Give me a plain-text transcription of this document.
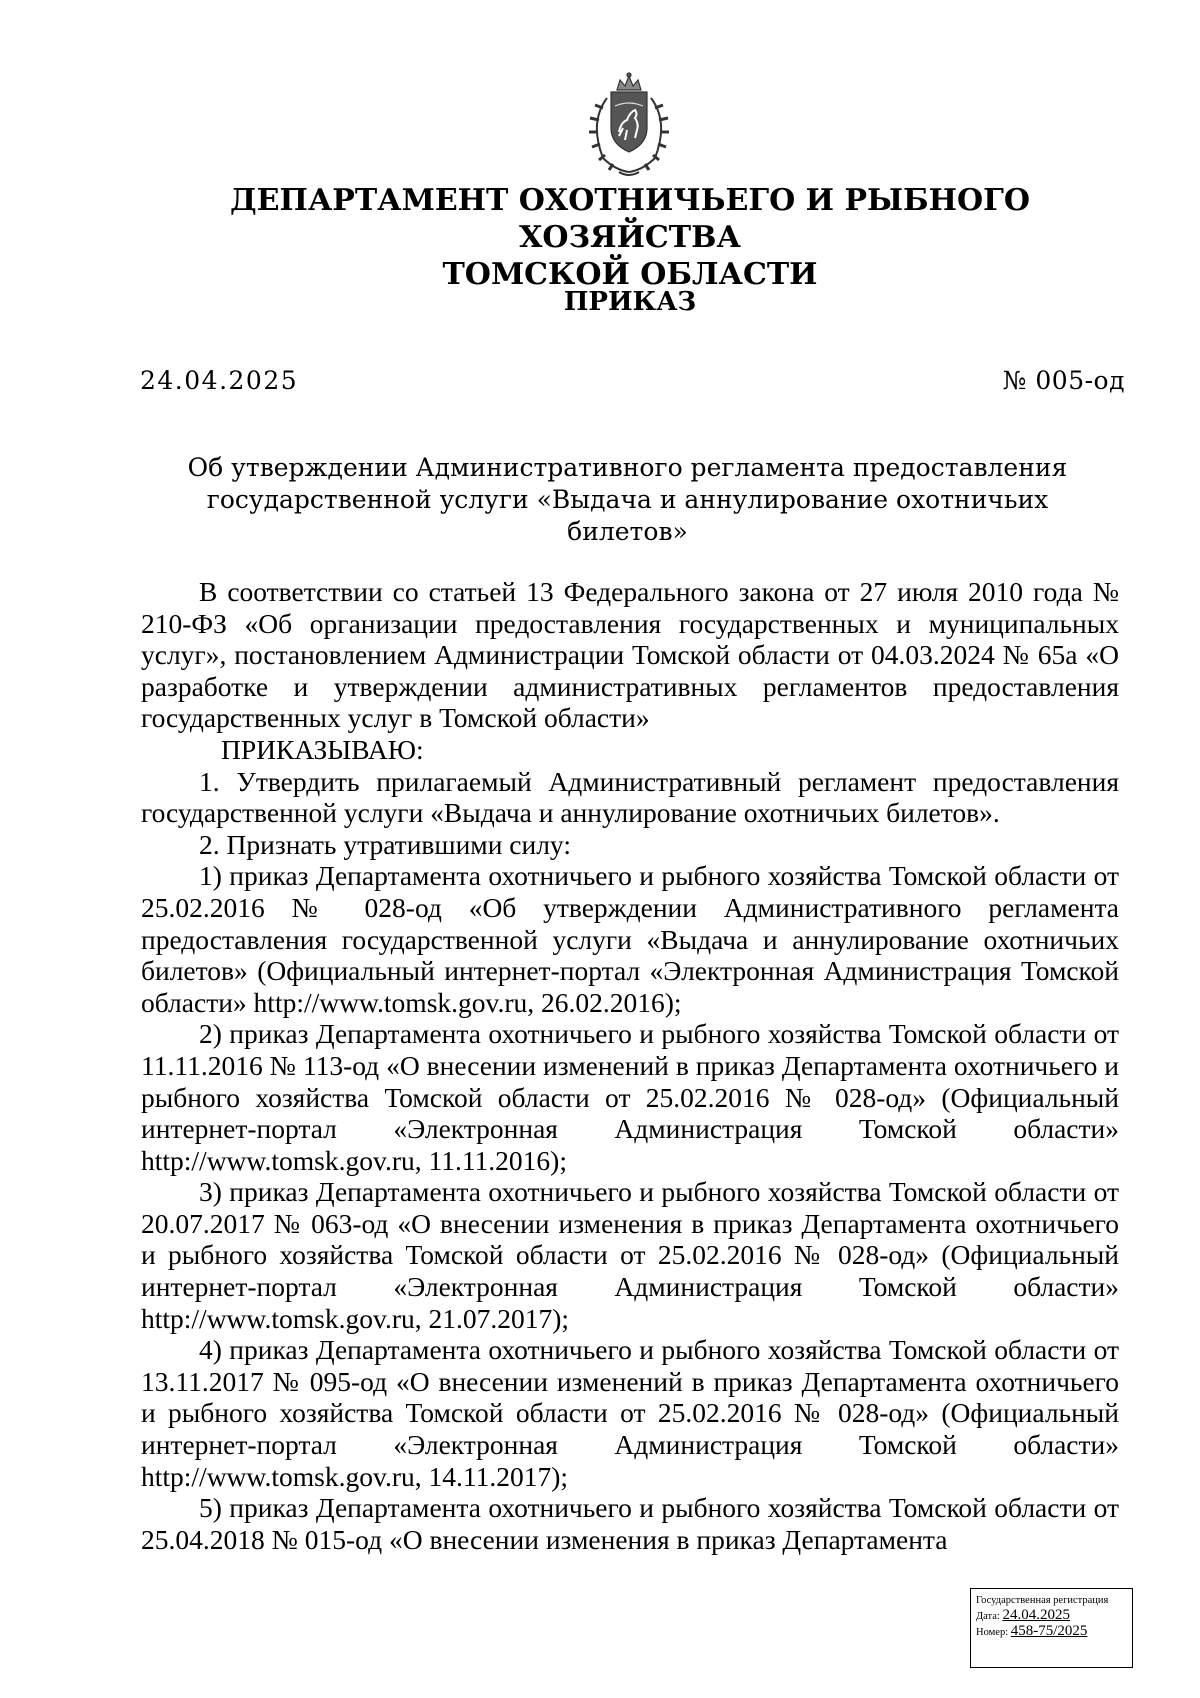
ДЕПАРТАМЕНТ ОХОТНИЧЬЕГО И РЫБНОГО ХОЗЯЙСТВА
ТОМСКОЙ ОБЛАСТИ
ПРИКАЗ
24.04.2025	№ 005-од
Об утверждении Административного регламента предоставления
государственной услуги «Выдача и аннулирование охотничьих билетов»

В соответствии со статьей 13 Федерального закона от 27 июля 2010 года № 210-ФЗ «Об организации предоставления государственных и муниципальных услуг», постановлением Администрации Томской области от 04.03.2024 № 65а «О разработке и утверждении административных регламентов предоставления государственных услуг в Томской области»

ПРИКАЗЫВАЮ:

1. Утвердить прилагаемый Административный регламент предоставления государственной услуги «Выдача и аннулирование охотничьих билетов».

2. Признать утратившими силу:

1) приказ Департамента охотничьего и рыбного хозяйства Томской области от 25.02.2016 № 028-од «Об утверждении Административного регламента предоставления государственной услуги «Выдача и аннулирование охотничьих билетов» (Официальный интернет-портал «Электронная Администрация Томской области» http://www.tomsk.gov.ru, 26.02.2016);

2) приказ Департамента охотничьего и рыбного хозяйства Томской области от 11.11.2016 № 113-од «О внесении изменений в приказ Департамента охотничьего и рыбного хозяйства Томской области от 25.02.2016 № 028-од» (Официальный интернет-портал «Электронная Администрация Томской области» http://www.tomsk.gov.ru, 11.11.2016);

3) приказ Департамента охотничьего и рыбного хозяйства Томской области от 20.07.2017 № 063-од «О внесении изменения в приказ Департамента охотничьего и рыбного хозяйства Томской области от 25.02.2016 № 028-од» (Официальный интернет-портал «Электронная Администрация Томской области» http://www.tomsk.gov.ru, 21.07.2017);

4) приказ Департамента охотничьего и рыбного хозяйства Томской области от 13.11.2017 № 095-од «О внесении изменений в приказ Департамента охотничьего и рыбного хозяйства Томской области от 25.02.2016 № 028-од» (Официальный интернет-портал «Электронная Администрация Томской области» http://www.tomsk.gov.ru, 14.11.2017);

5) приказ Департамента охотничьего и рыбного хозяйства Томской области от 25.04.2018 № 015-од «О внесении изменения в приказ Департамента

Государственная регистрация
Дата: 24.04.2025
Номер: 458-75/2025
